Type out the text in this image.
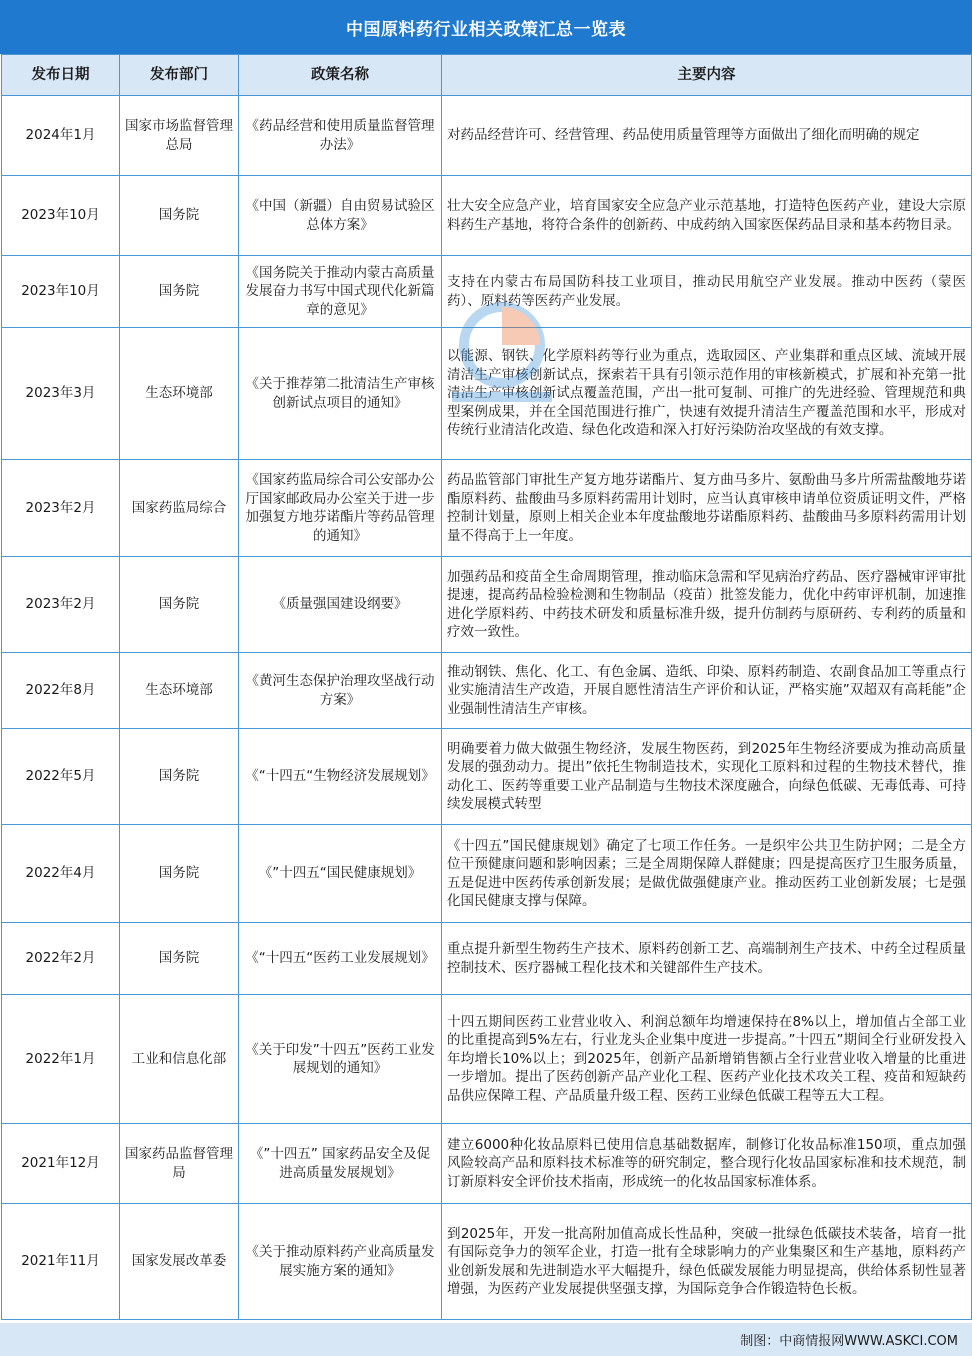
中国原料药行业相关政策汇总一览表
发布日期	发布部门	政策名称	主要内容
2024年1月	国家市场监督管理总局	《药品经营和使用质量监督管理办法》	对药品经营许可、经营管理、药品使用质量管理等方面做出了细化而明确的规定
2023年10月	国务院	《中国（新疆）自由贸易试验区总体方案》	壮大安全应急产业，培育国家安全应急产业示范基地，打造特色医药产业，建设大宗原料药生产基地，将符合条件的创新药、中成药纳入国家医保药品目录和基本药物目录。
2023年10月	国务院	《国务院关于推动内蒙古高质量发展奋力书写中国式现代化新篇章的意见》	支持在内蒙古布局国防科技工业项目，推动民用航空产业发展。推动中医药（蒙医药）、原料药等医药产业发展。
2023年3月	生态环境部	《关于推荐第二批清洁生产审核创新试点项目的通知》	以能源、钢铁、化学原料药等行业为重点，选取园区、产业集群和重点区域、流域开展清洁生产审核创新试点，探索若干具有引领示范作用的审核新模式，扩展和补充第一批清洁生产审核创新试点覆盖范围，产出一批可复制、可推广的先进经验、管理规范和典型案例成果，并在全国范围进行推广，快速有效提升清洁生产覆盖范围和水平，形成对传统行业清洁化改造、绿色化改造和深入打好污染防治攻坚战的有效支撑。
2023年2月	国家药监局综合	《国家药监局综合司公安部办公厅国家邮政局办公室关于进一步加强复方地芬诺酯片等药品管理的通知》	药品监管部门审批生产复方地芬诺酯片、复方曲马多片、氨酚曲马多片所需盐酸地芬诺酯原料药、盐酸曲马多原料药需用计划时，应当认真审核申请单位资质证明文件，严格控制计划量，原则上相关企业本年度盐酸地芬诺酯原料药、盐酸曲马多原料药需用计划量不得高于上一年度。
2023年2月	国务院	《质量强国建设纲要》	加强药品和疫苗全生命周期管理，推动临床急需和罕见病治疗药品、医疗器械审评审批提速，提高药品检验检测和生物制品（疫苗）批签发能力，优化中药审评机制，加速推进化学原料药、中药技术研发和质量标准升级，提升仿制药与原研药、专利药的质量和疗效一致性。
2022年8月	生态环境部	《黄河生态保护治理攻坚战行动方案》	推动钢铁、焦化、化工、有色金属、造纸、印染、原料药制造、农副食品加工等重点行业实施清洁生产改造，开展自愿性清洁生产评价和认证，严格实施”双超双有高耗能”企业强制性清洁生产审核。
2022年5月	国务院	《“十四五“生物经济发展规划》	明确要着力做大做强生物经济，发展生物医药，到2025年生物经济要成为推动高质量发展的强劲动力。提出”依托生物制造技术，实现化工原料和过程的生物技术替代，推动化工、医药等重要工业产品制造与生物技术深度融合，向绿色低碳、无毒低毒、可持续发展模式转型
2022年4月	国务院	《”十四五“国民健康规划》	《十四五”国民健康规划》确定了七项工作任务。一是织牢公共卫生防护网；二是全方位干预健康问题和影响因素；三是全周期保障人群健康；四是提高医疗卫生服务质量，五是促进中医药传承创新发展；是做优做强健康产业。推动医药工业创新发展；七是强化国民健康支撑与保障。
2022年2月	国务院	《“十四五“医药工业发展规划》	重点提升新型生物药生产技术、原料药创新工艺、高端制剂生产技术、中药全过程质量控制技术、医疗器械工程化技术和关键部件生产技术。
2022年1月	工业和信息化部	《关于印发”十四五”医药工业发展规划的通知》	十四五期间医药工业营业收入、利润总额年均增速保持在8%以上，增加值占全部工业的比重提高到5%左右，行业龙头企业集中度进一步提高。”十四五”期间全行业研发投入年均增长10%以上；到2025年，创新产品新增销售额占全行业营业收入增量的比重进一步增加。提出了医药创新产品产业化工程、医药产业化技术攻关工程、疫苗和短缺药品供应保障工程、产品质量升级工程、医药工业绿色低碳工程等五大工程。
2021年12月	国家药品监督管理局	《”十四五” 国家药品安全及促进高质量发展规划》	建立6000种化妆品原料已使用信息基础数据库，制修订化妆品标准150项，重点加强风险较高产品和原料技术标准等的研究制定，整合现行化妆品国家标准和技术规范，制订新原料安全评价技术指南，形成统一的化妆品国家标准体系。
2021年11月	国家发展改革委	《关于推动原料药产业高质量发展实施方案的通知》	到2025年，开发一批高附加值高成长性品种，突破一批绿色低碳技术装备，培育一批有国际竞争力的领军企业，打造一批有全球影响力的产业集聚区和生产基地，原料药产业创新发展和先进制造水平大幅提升，绿色低碳发展能力明显提高，供给体系韧性显著增强，为医药产业发展提供坚强支撑，为国际竞争合作锻造特色长板。
制图：中商情报网WWW.ASKCI.COM
